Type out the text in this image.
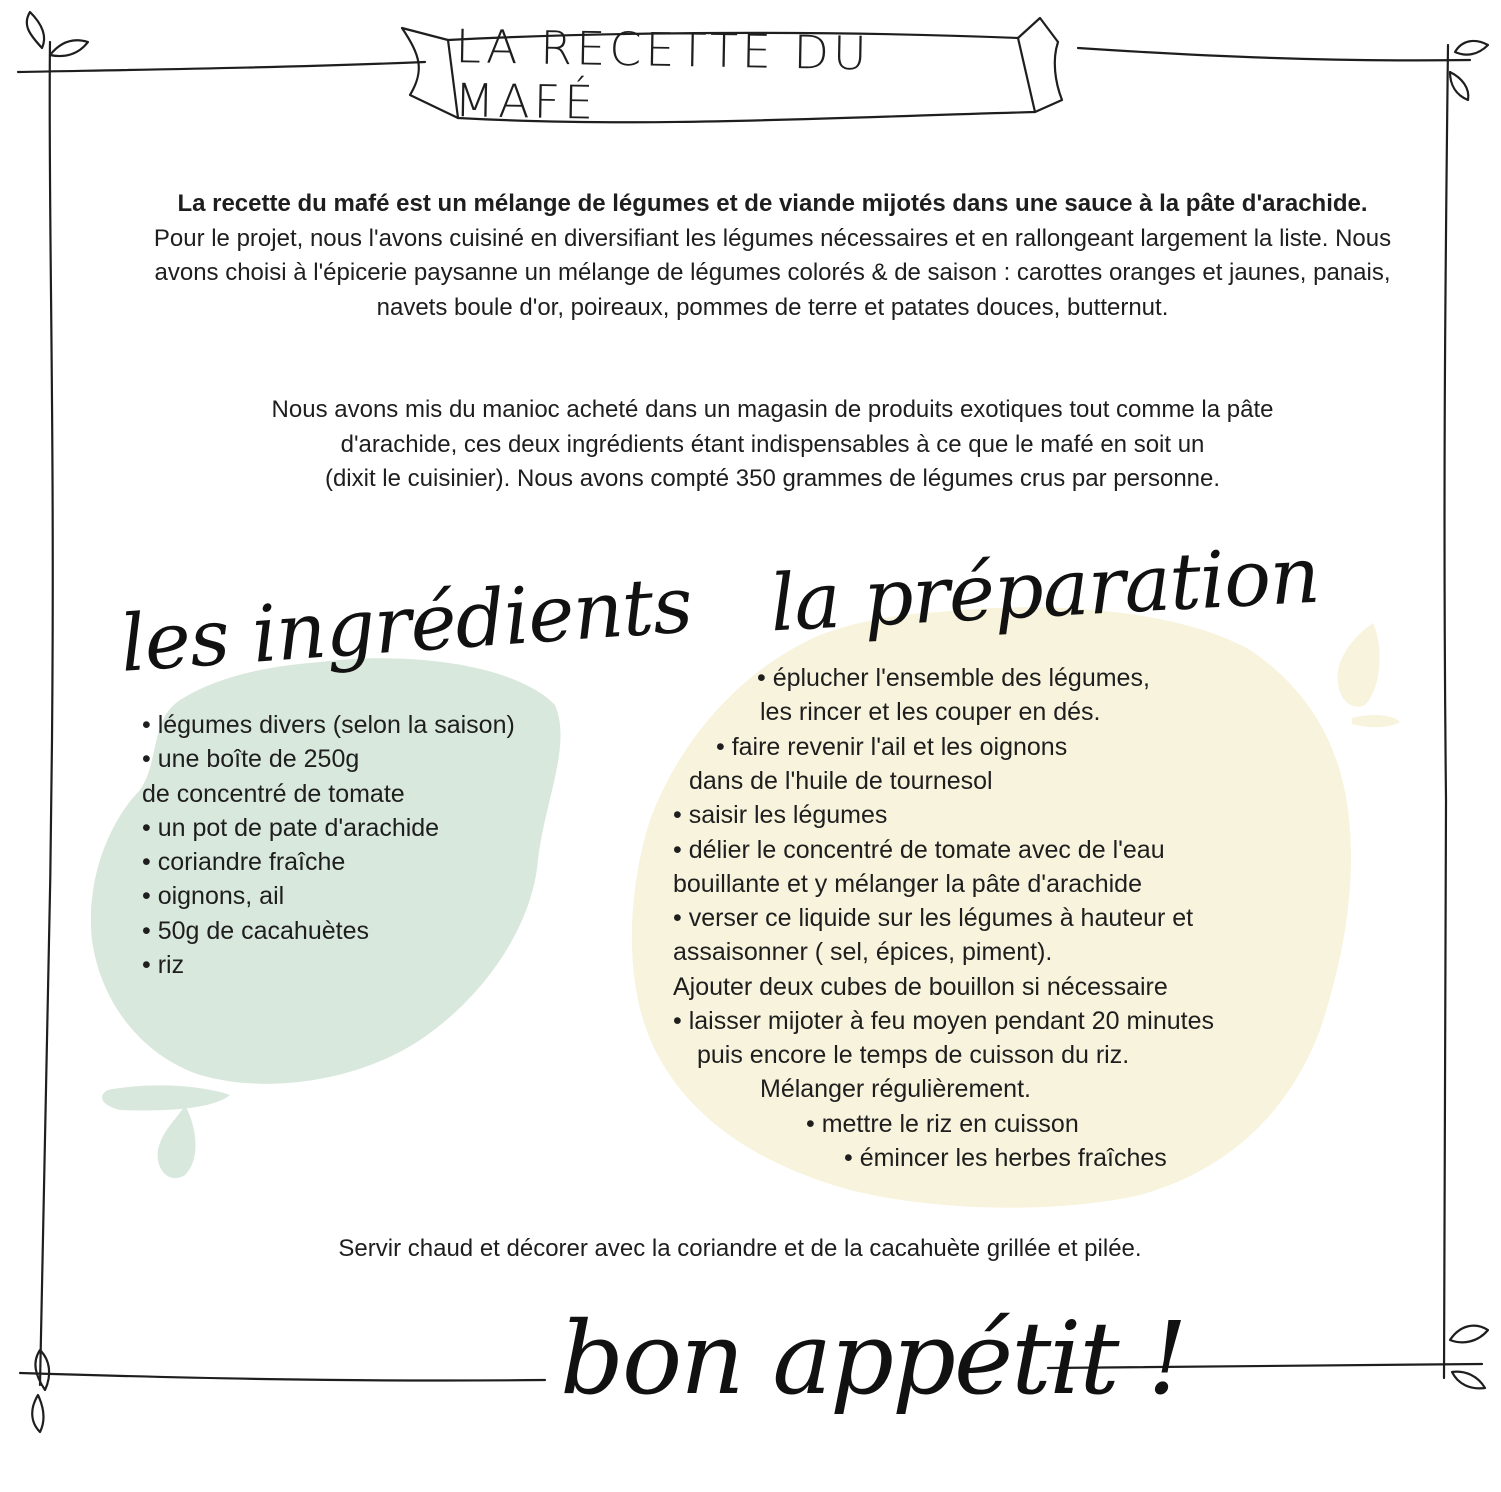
LA RECETTE DU MAFÉ

La recette du mafé est un mélange de légumes et de viande mijotés dans une sauce à la pâte d'arachide. Pour le projet, nous l'avons cuisiné en diversifiant les légumes nécessaires et en rallongeant largement la liste. Nous avons choisi à l'épicerie paysanne un mélange de légumes colorés & de saison : carottes oranges et jaunes, panais, navets boule d'or, poireaux, pommes de terre et patates douces, butternut.

Nous avons mis du manioc acheté dans un magasin de produits exotiques tout comme la pâte
d'arachide, ces deux ingrédients étant indispensables à ce que le mafé en soit un
(dixit le cuisinier). Nous avons compté 350 grammes de légumes crus par personne.
la préparation
les ingrédients
• légumes divers (selon la saison)
• une boîte de 250g
de concentré de tomate
• un pot de pate d'arachide
• coriandre fraîche
• oignons, ail
• 50g de cacahuètes
• riz
• éplucher l'ensemble des légumes,
les rincer et les couper en dés.
• faire revenir l'ail et les oignons
dans de l'huile de tournesol
• saisir les légumes
• délier le concentré de tomate avec de l'eau
bouillante et y mélanger la pâte d'arachide
• verser ce liquide sur les légumes à hauteur et
assaisonner ( sel, épices, piment).
Ajouter deux cubes de bouillon si nécessaire
• laisser mijoter à feu moyen pendant 20 minutes
puis encore le temps de cuisson du riz.
Mélanger régulièrement.
• mettre le riz en cuisson
• émincer les herbes fraîches
Servir chaud et décorer avec la coriandre et de la cacahuète grillée et pilée.
bon appétit !
